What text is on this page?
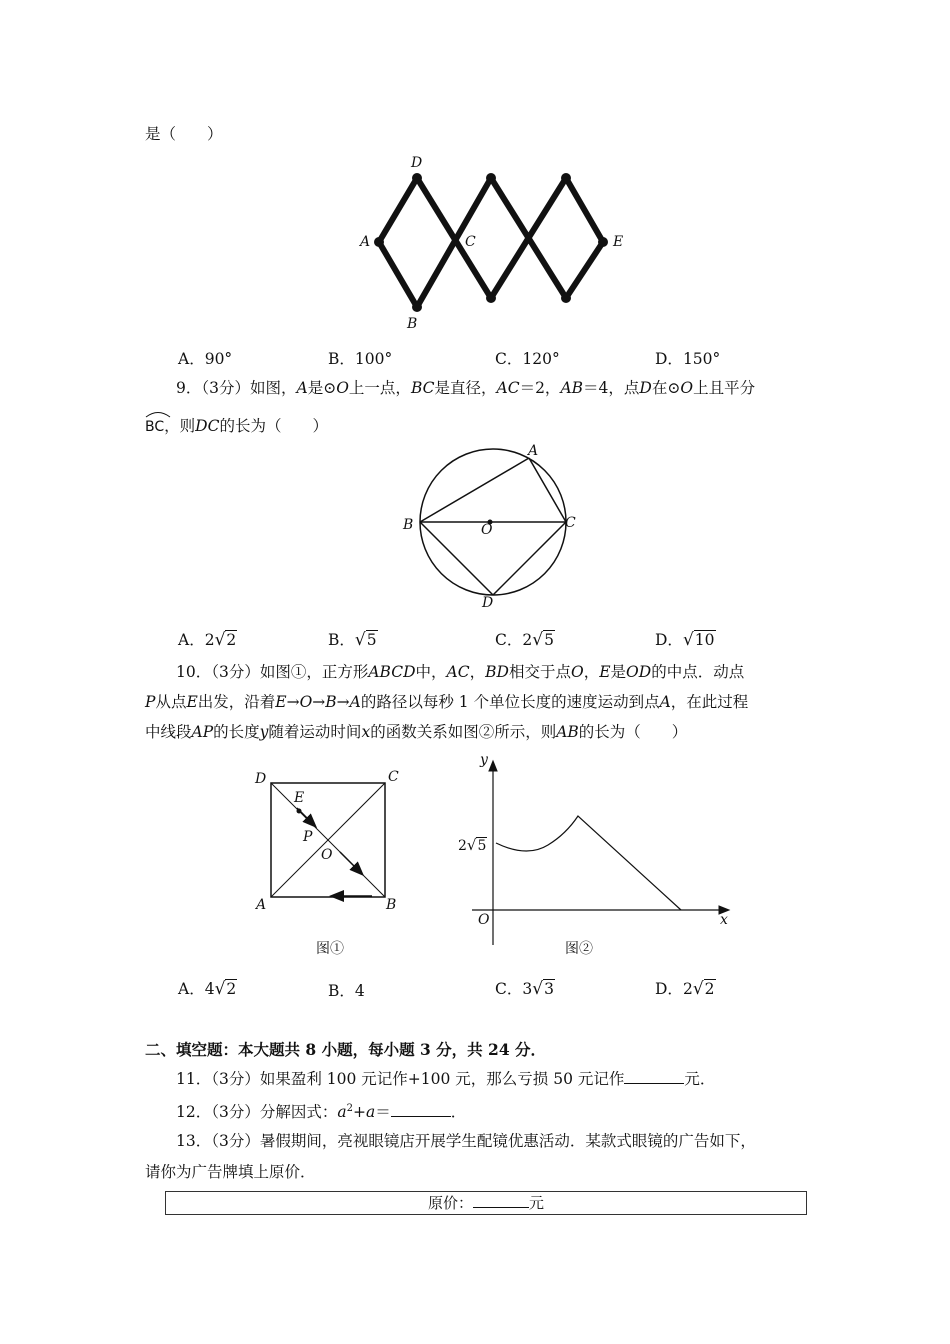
是（　　）
D
A	C	E
B
A．90°	B．100°	C．120°	D．150°
9．（3分）如图，A是⊙O上一点，BC是直径，AC＝2，AB＝4，点D在⊙O上且平分
BC，则DC的长为（　　）
A
B	C
O
D
A．2√2	B．√5	C．2√5	D．√10
10．（3分）如图①，正方形ABCD中，AC，BD相交于点O，E是OD的中点．动点
P从点E出发，沿着E→O→B→A的路径以每秒 1 个单位长度的速度运动到点A，在此过程
中线段AP的长度y随着运动时间x的函数关系如图②所示，则AB的长为（　　）
D	C
E
P
O
A	B
图①
y
x
O
2√5
图②
A．4√2	B．4	C．3√3	D．2√2
二、填空题：本大题共 8 小题，每小题 3 分，共 24 分．
11．（3分）如果盈利 100 元记作+100 元，那么亏损 50 元记作	元．
12．（3分）分解因式：$a^2+a=$	．
13．（3分）暑假期间，亮视眼镜店开展学生配镜优惠活动．某款式眼镜的广告如下，
请你为广告牌填上原价．
原价：	元
